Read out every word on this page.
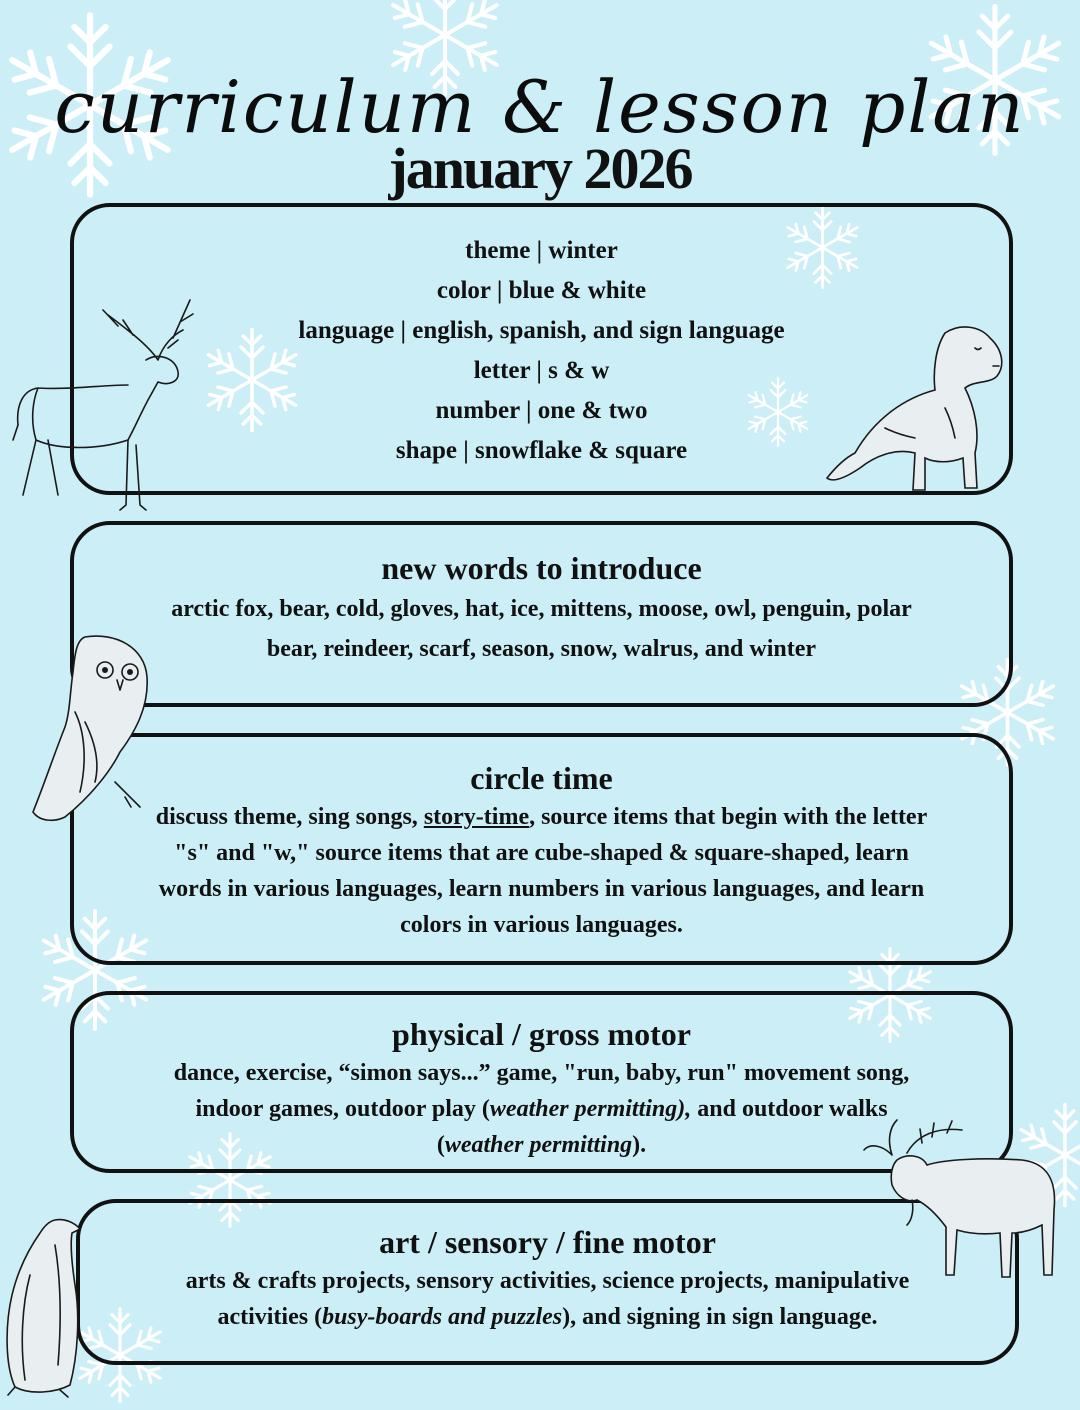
curriculum & lesson plan
january 2026
theme | winter
color | blue & white
language | english, spanish, and sign language
letter | s & w
number | one & two
shape | snowflake & square
new words to introduce
arctic fox, bear, cold, gloves, hat, ice, mittens, moose, owl, penguin, polar
bear, reindeer, scarf, season, snow, walrus, and winter
circle time
discuss theme, sing songs, story-time, source items that begin with the letter
"s" and "w," source items that are cube-shaped & square-shaped, learn
words in various languages, learn numbers in various languages, and learn
colors in various languages.
physical / gross motor
dance, exercise, “simon says...” game, "run, baby, run" movement song,
indoor games, outdoor play (weather permitting), and outdoor walks
(weather permitting).
art / sensory / fine motor
arts & crafts projects, sensory activities, science projects, manipulative
activities (busy-boards and puzzles), and signing in sign language.
